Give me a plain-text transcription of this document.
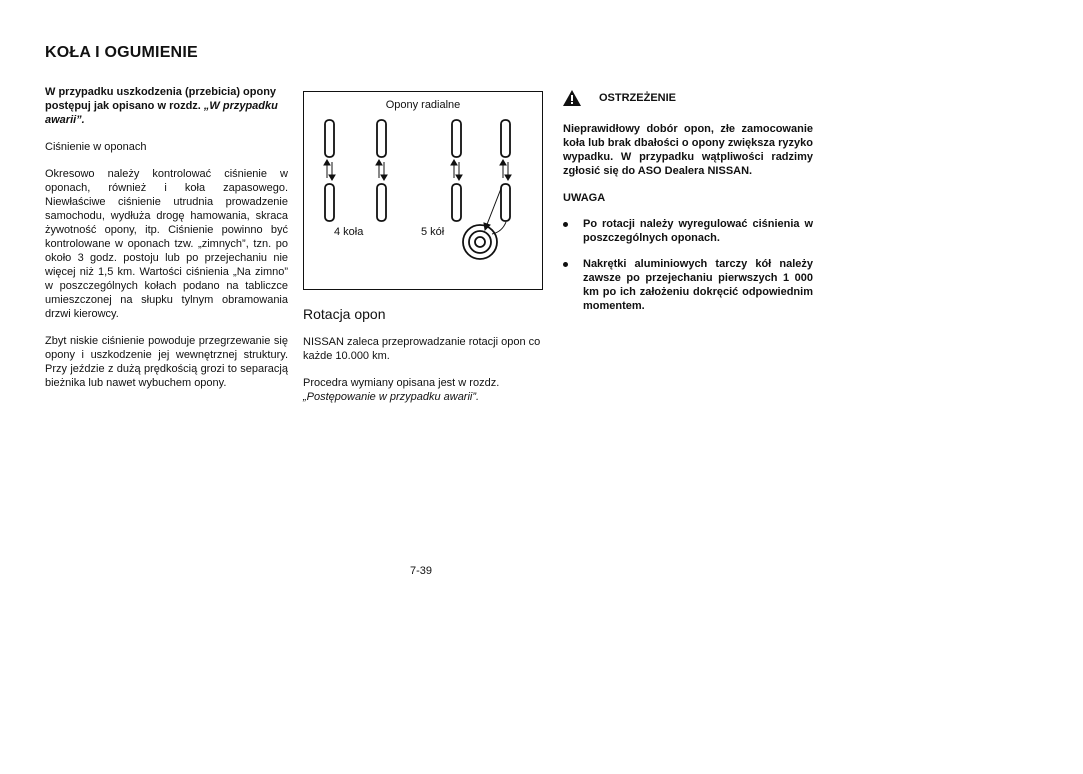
KOŁA I OGUMIENIE

W przypadku uszkodzenia (przebicia) opony postępuj jak opisano w rozdz. „W przypadku awarii”.

Ciśnienie w oponach

Okresowo należy kontrolować ciśnienie w oponach, również i koła zapasowego. Niewłaściwe ciśnienie utrudnia prowadzenie samochodu, wydłuża drogę hamowania, skraca żywotność opony, itp. Ciśnienie powinno być kontrolowane w oponach tzw. „zimnych”, tzn. po około 3 godz. postoju lub po przejechaniu nie więcej niż 1,5 km. Wartości ciśnienia „Na zimno” w poszczególnych kołach podano na tabliczce umieszczonej na słupku tylnym obramowania drzwi kierowcy.

Zbyt niskie ciśnienie powoduje przegrzewanie się opony i uszkodzenie jej wewnętrznej struktury. Przy jeździe z dużą prędkością grozi to separacją bieżnika lub nawet wybuchem opony.

Opony radialne
4 koła	5 kół

Rotacja opon

NISSAN zaleca przeprowadzanie rotacji opon co każde 10.000 km.

Procedra wymiany opisana jest w rozdz. „Postępowanie w przypadku awarii”.

OSTRZEŻENIE

Nieprawidłowy dobór opon, złe zamocowanie koła lub brak dbałości o opony zwiększa ryzyko wypadku. W przypadku wątpliwości radzimy zgłosić się do ASO Dealera NISSAN.

UWAGA

Po rotacji należy wyregulować ciśnienia w poszczególnych oponach.
Nakrętki aluminiowych tarczy kół należy zawsze po przejechaniu pierwszych 1 000 km po ich założeniu dokręcić odpowiednim momentem.
7-39
